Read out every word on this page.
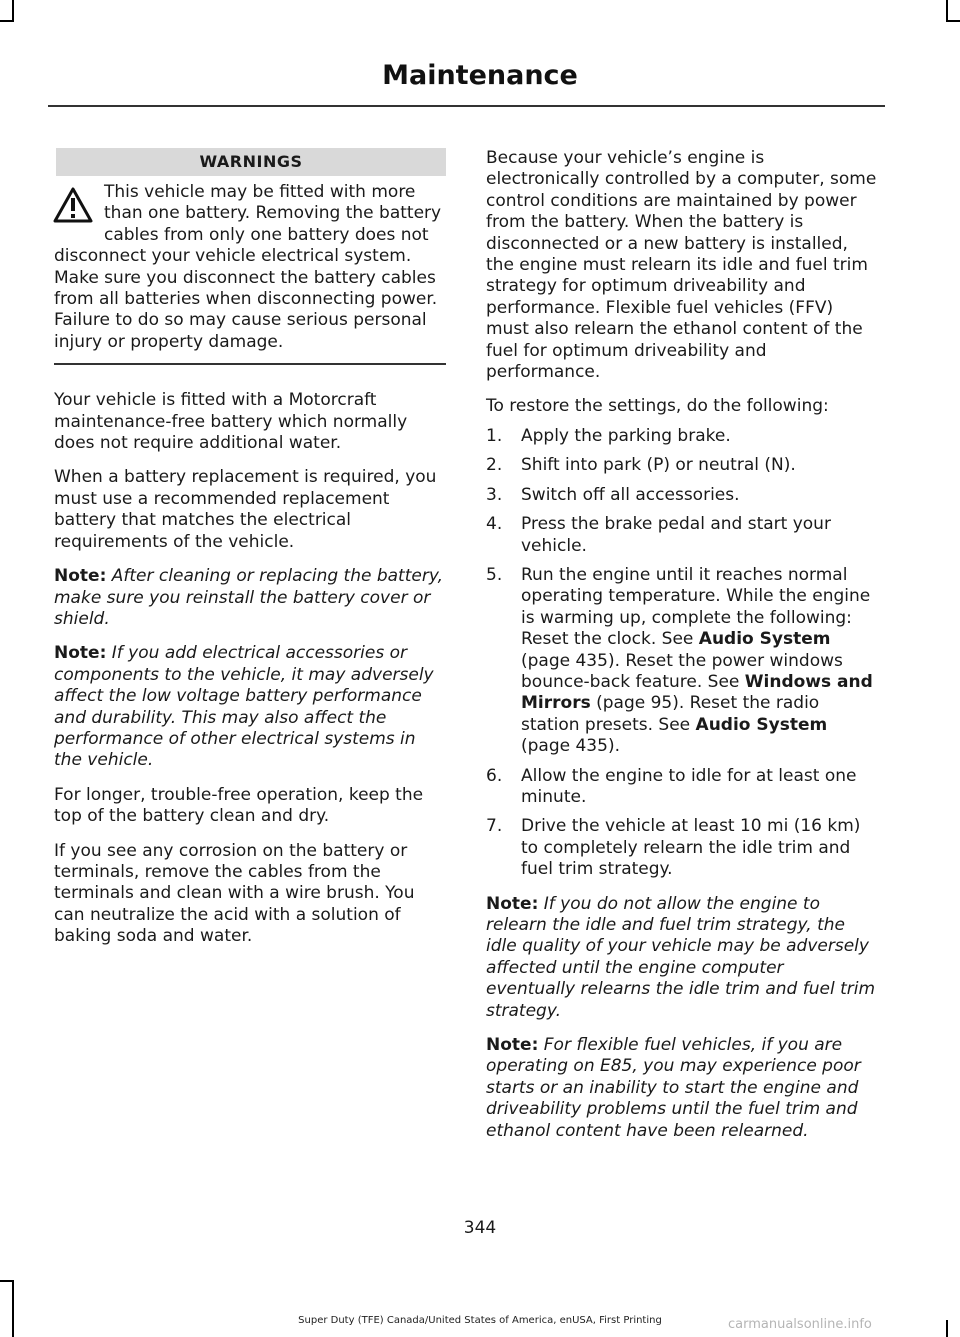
Maintenance
WARNINGS

This vehicle may be fitted with more than one battery. Removing the battery cables from only one battery does not disconnect your vehicle electrical system. Make sure you disconnect the battery cables from all batteries when disconnecting power. Failure to do so may cause serious personal injury or property damage.

Your vehicle is fitted with a Motorcraft maintenance-free battery which normally does not require additional water.

When a battery replacement is required, you must use a recommended replacement battery that matches the electrical requirements of the vehicle.

Note: After cleaning or replacing the battery, make sure you reinstall the battery cover or shield.

Note: If you add electrical accessories or components to the vehicle, it may adversely affect the low voltage battery performance and durability. This may also affect the performance of other electrical systems in the vehicle.

For longer, trouble-free operation, keep the top of the battery clean and dry.

If you see any corrosion on the battery or terminals, remove the cables from the terminals and clean with a wire brush. You can neutralize the acid with a solution of baking soda and water.

Because your vehicle’s engine is electronically controlled by a computer, some control conditions are maintained by power from the battery. When the battery is disconnected or a new battery is installed, the engine must relearn its idle and fuel trim strategy for optimum driveability and performance. Flexible fuel vehicles (FFV) must also relearn the ethanol content of the fuel for optimum driveability and performance.

To restore the settings, do the following:

1. Apply the parking brake.
2. Shift into park (P) or neutral (N).
3. Switch off all accessories.
4. Press the brake pedal and start your vehicle.
5. Run the engine until it reaches normal operating temperature. While the engine is warming up, complete the following: Reset the clock. See Audio System (page 435). Reset the power windows bounce-back feature. See Windows and Mirrors (page 95). Reset the radio station presets. See Audio System (page 435).
6. Allow the engine to idle for at least one minute.
7. Drive the vehicle at least 10 mi (16 km) to completely relearn the idle trim and fuel trim strategy.

Note: If you do not allow the engine to relearn the idle and fuel trim strategy, the idle quality of your vehicle may be adversely affected until the engine computer eventually relearns the idle trim and fuel trim strategy.

Note: For flexible fuel vehicles, if you are operating on E85, you may experience poor starts or an inability to start the engine and driveability problems until the fuel trim and ethanol content have been relearned.

344
Super Duty (TFE) Canada/United States of America, enUSA, First Printing	carmanualsonline.info
